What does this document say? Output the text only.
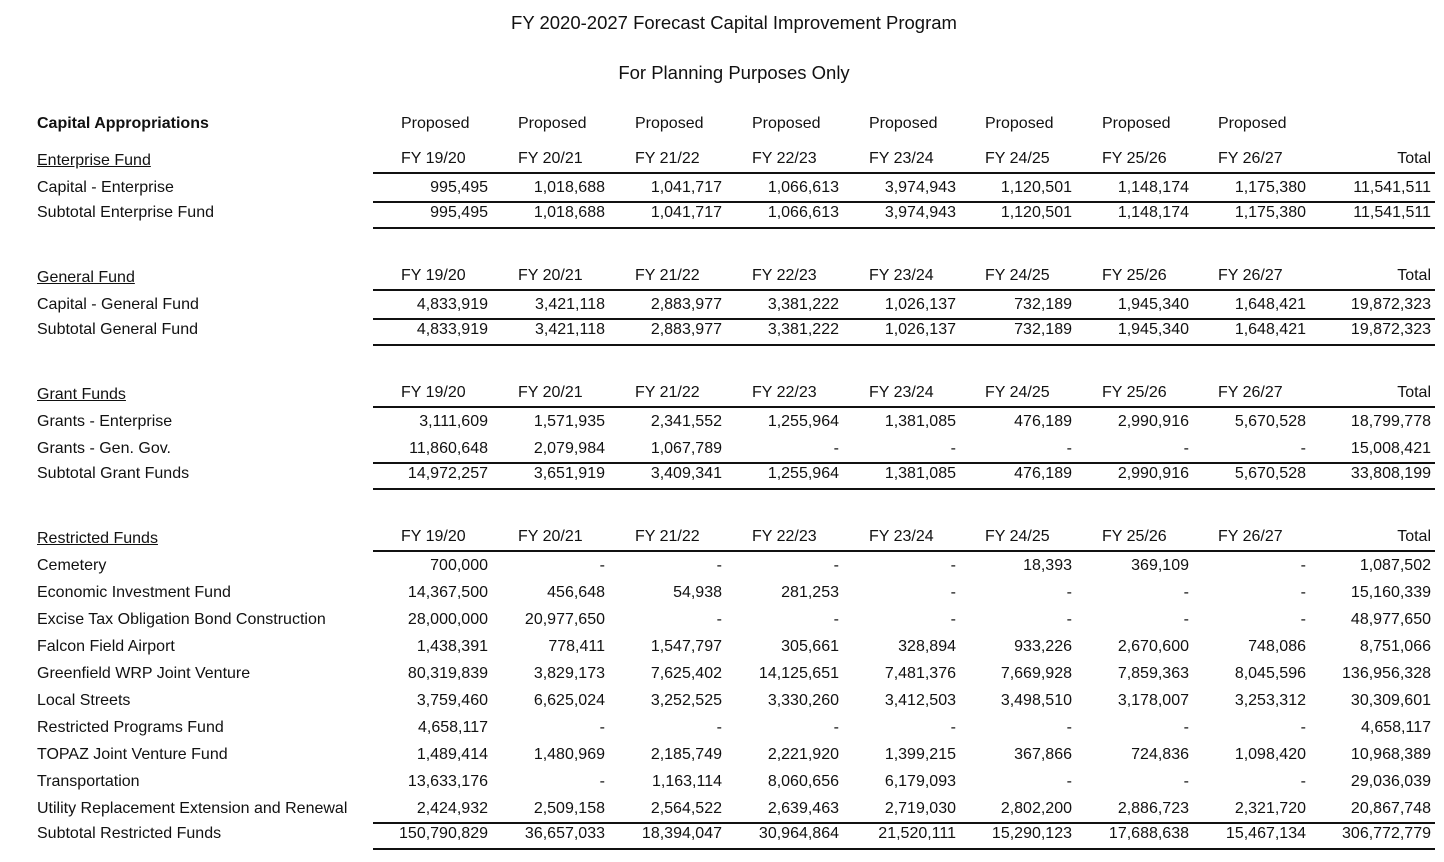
FY 2020-2027 Forecast Capital Improvement Program
For Planning Purposes Only
Capital Appropriations	Proposed	Proposed	Proposed	Proposed	Proposed	Proposed	Proposed	Proposed
Enterprise Fund	FY 19/20	FY 20/21	FY 21/22	FY 22/23	FY 23/24	FY 24/25	FY 25/26	FY 26/27	Total
Capital - Enterprise	995,495	1,018,688	1,041,717	1,066,613	3,974,943	1,120,501	1,148,174	1,175,380	11,541,511
Subtotal Enterprise Fund	995,495	1,018,688	1,041,717	1,066,613	3,974,943	1,120,501	1,148,174	1,175,380	11,541,511
General Fund	FY 19/20	FY 20/21	FY 21/22	FY 22/23	FY 23/24	FY 24/25	FY 25/26	FY 26/27	Total
Capital - General Fund	4,833,919	3,421,118	2,883,977	3,381,222	1,026,137	732,189	1,945,340	1,648,421	19,872,323
Subtotal General Fund	4,833,919	3,421,118	2,883,977	3,381,222	1,026,137	732,189	1,945,340	1,648,421	19,872,323
Grant Funds	FY 19/20	FY 20/21	FY 21/22	FY 22/23	FY 23/24	FY 24/25	FY 25/26	FY 26/27	Total
Grants - Enterprise	3,111,609	1,571,935	2,341,552	1,255,964	1,381,085	476,189	2,990,916	5,670,528	18,799,778
Grants - Gen. Gov.	11,860,648	2,079,984	1,067,789	-	-	-	-	-	15,008,421
Subtotal Grant Funds	14,972,257	3,651,919	3,409,341	1,255,964	1,381,085	476,189	2,990,916	5,670,528	33,808,199
Restricted Funds	FY 19/20	FY 20/21	FY 21/22	FY 22/23	FY 23/24	FY 24/25	FY 25/26	FY 26/27	Total
Cemetery	700,000	-	-	-	-	18,393	369,109	-	1,087,502
Economic Investment Fund	14,367,500	456,648	54,938	281,253	-	-	-	-	15,160,339
Excise Tax Obligation Bond Construction	28,000,000 20,977,650	-	-	-	-	-	-	48,977,650
Falcon Field Airport	1,438,391	778,411	1,547,797	305,661	328,894	933,226	2,670,600	748,086	8,751,066
Greenfield WRP Joint Venture	80,319,839	3,829,173	7,625,402 14,125,651	7,481,376	7,669,928	7,859,363	8,045,596 136,956,328
Local Streets	3,759,460	6,625,024	3,252,525	3,330,260	3,412,503	3,498,510	3,178,007	3,253,312	30,309,601
Restricted Programs Fund	4,658,117	-	-	-	-	-	-	-	4,658,117
TOPAZ Joint Venture Fund	1,489,414	1,480,969	2,185,749	2,221,920	1,399,215	367,866	724,836	1,098,420	10,968,389
Transportation	13,633,176	-	1,163,114	8,060,656	6,179,093	-	-	-	29,036,039
Utility Replacement Extension and Renewal	2,424,932	2,509,158	2,564,522	2,639,463	2,719,030	2,802,200	2,886,723	2,321,720	20,867,748
Subtotal Restricted Funds	150,790,829 36,657,033 18,394,047 30,964,864 21,520,111 15,290,123 17,688,638 15,467,134 306,772,779
